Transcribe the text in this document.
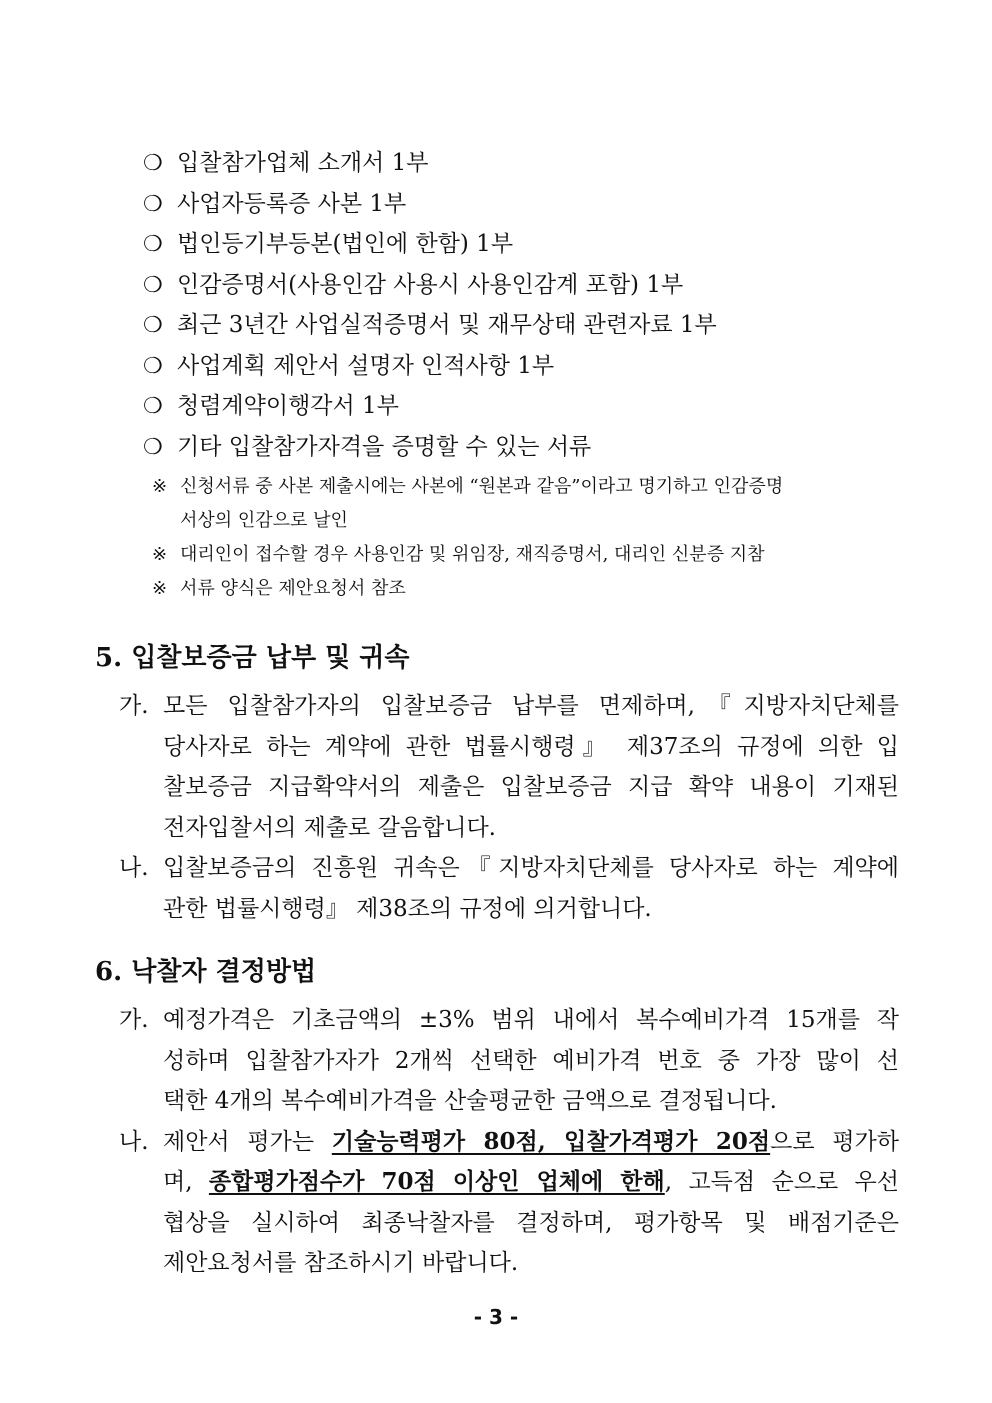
❍ 입찰참가업체 소개서 1부
❍ 사업자등록증 사본 1부
❍ 법인등기부등본(법인에 한함) 1부
❍ 인감증명서(사용인감 사용시 사용인감계 포함) 1부
❍ 최근 3년간 사업실적증명서 및 재무상태 관련자료 1부
❍ 사업계획 제안서 설명자 인적사항 1부
❍ 청렴계약이행각서 1부
❍ 기타 입찰참가자격을 증명할 수 있는 서류
※ 신청서류 중 사본 제출시에는 사본에 “원본과 같음”이라고 명기하고 인감증명
서상의 인감으로 날인
※ 대리인이 접수할 경우 사용인감 및 위임장, 재직증명서, 대리인 신분증 지참
※ 서류 양식은 제안요청서 참조
5. 입찰보증금 납부 및 귀속
가. 모든 입찰참가자의 입찰보증금 납부를 면제하며,『지방자치단체를
당사자로 하는 계약에 관한 법률시행령』 제37조의 규정에 의한 입
찰보증금 지급확약서의 제출은 입찰보증금 지급 확약 내용이 기재된
전자입찰서의 제출로 갈음합니다.
나. 입찰보증금의 진흥원 귀속은『지방자치단체를 당사자로 하는 계약에
관한 법률시행령』 제38조의 규정에 의거합니다.
6. 낙찰자 결정방법
가. 예정가격은 기초금액의 ±3% 범위 내에서 복수예비가격 15개를 작
성하며 입찰참가자가 2개씩 선택한 예비가격 번호 중 가장 많이 선
택한 4개의 복수예비가격을 산술평균한 금액으로 결정됩니다.
나. 제안서 평가는 기술능력평가 80점, 입찰가격평가 20점으로 평가하
며, 종합평가점수가 70점 이상인 업체에 한해, 고득점 순으로 우선
협상을 실시하여 최종낙찰자를 결정하며, 평가항목 및 배점기준은
제안요청서를 참조하시기 바랍니다.
- 3 -
